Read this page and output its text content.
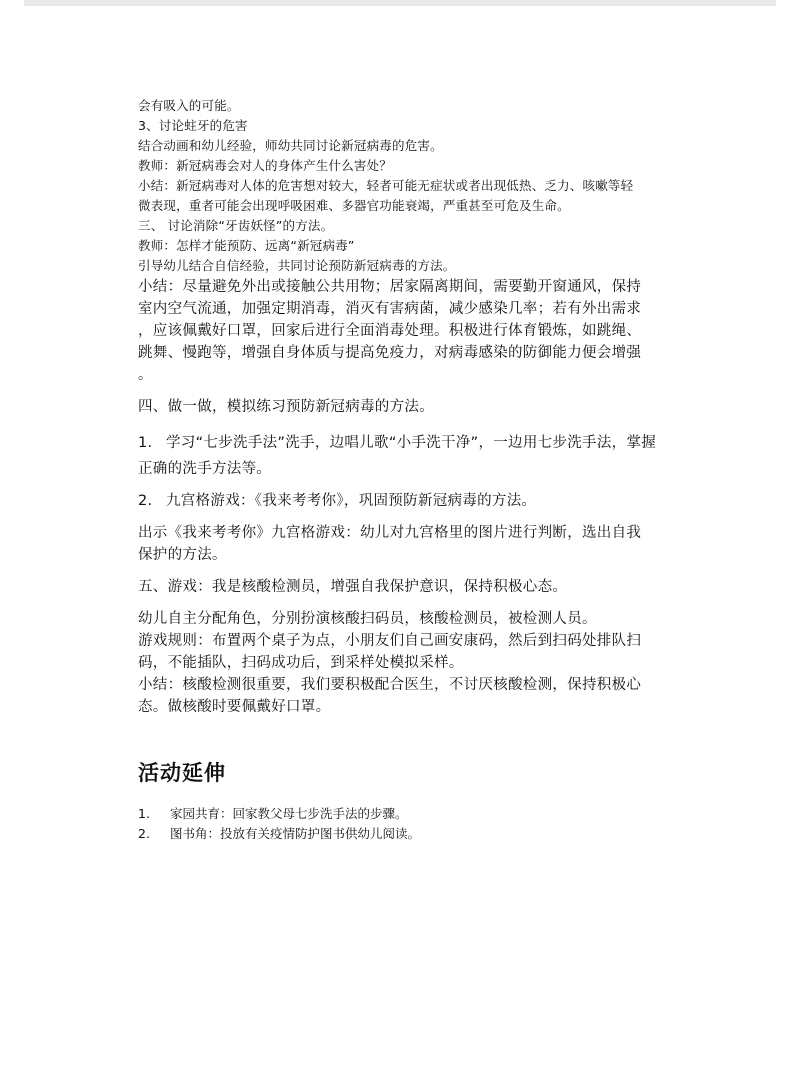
会有吸入的可能。

3、讨论蛀牙的危害

结合动画和幼儿经验，师幼共同讨论新冠病毒的危害。

教师：新冠病毒会对人的身体产生什么害处？

小结：新冠病毒对人体的危害想对较大，轻者可能无症状或者出现低热、乏力、咳嗽等轻

微表现，重者可能会出现呼吸困难、多器官功能衰竭，严重甚至可危及生命。

三、 讨论消除“牙齿妖怪”的方法。

教师：怎样才能预防、远离“新冠病毒”

引导幼儿结合自信经验，共同讨论预防新冠病毒的方法。

小结：尽量避免外出或接触公共用物；居家隔离期间，需要勤开窗通风，保持

室内空气流通，加强定期消毒，消灭有害病菌，减少感染几率；若有外出需求

，应该佩戴好口罩，回家后进行全面消毒处理。积极进行体育锻炼，如跳绳、

跳舞、慢跑等，增强自身体质与提高免疫力，对病毒感染的防御能力便会增强

。

四、做一做，模拟练习预防新冠病毒的方法。

1. 学习“七步洗手法”洗手，边唱儿歌“小手洗干净”，一边用七步洗手法，掌握

正确的洗手方法等。

2. 九宫格游戏：《我来考考你》，巩固预防新冠病毒的方法。

出示《我来考考你》九宫格游戏：幼儿对九宫格里的图片进行判断，选出自我

保护的方法。

五、游戏：我是核酸检测员，增强自我保护意识，保持积极心态。

幼儿自主分配角色，分别扮演核酸扫码员，核酸检测员，被检测人员。

游戏规则：布置两个桌子为点，小朋友们自己画安康码，然后到扫码处排队扫

码，不能插队，扫码成功后，到采样处模拟采样。

小结：核酸检测很重要，我们要积极配合医生，不讨厌核酸检测，保持积极心

态。做核酸时要佩戴好口罩。

活动延伸

1. 家园共育：回家教父母七步洗手法的步骤。

2. 图书角：投放有关疫情防护图书供幼儿阅读。
